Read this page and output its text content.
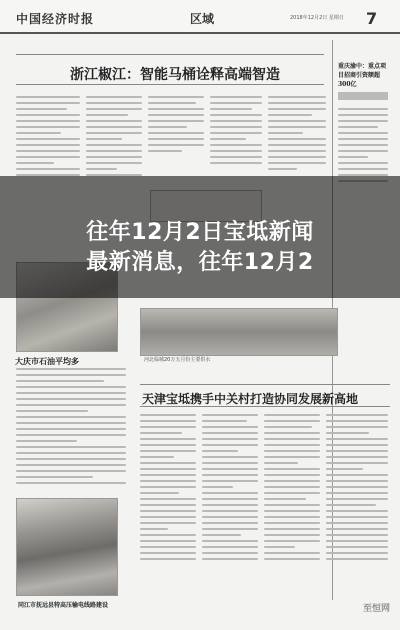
中国经济时报	区域	2018年12月2日 星期日 7
浙江椒江：智能马桶诠释高端智造
重庆渝中：重点项目招商引资额超300亿
河北临城20万五月份主要供水
大庆市石油平均多
天津宝坻携手中关村打造协同发展新高地
同江市抚远县特高压输电线路建设
往年12月2日宝坻新闻
最新消息，往年12月2
至恒网
